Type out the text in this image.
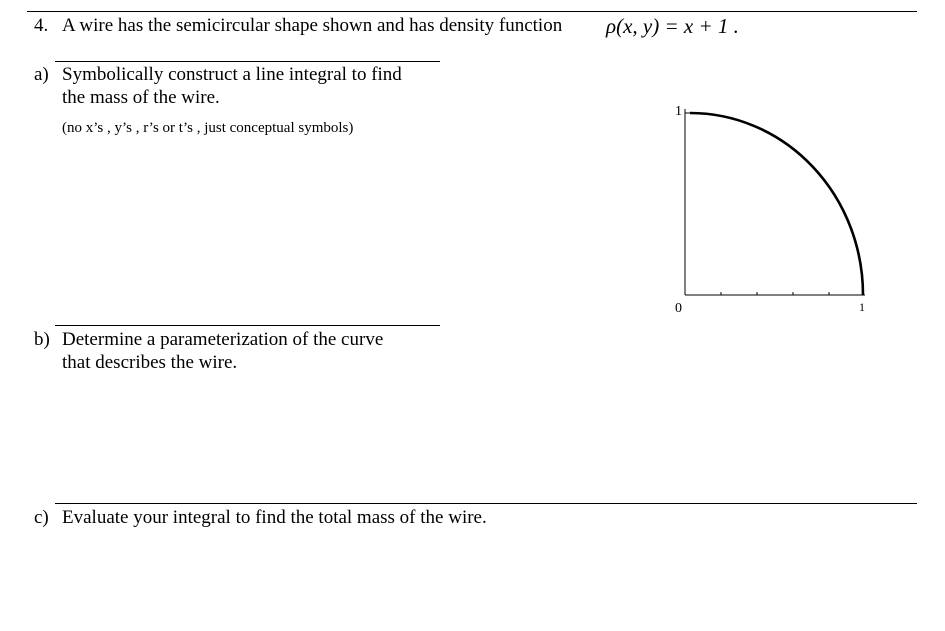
4. A wire has the semicircular shape shown and has density function ρ(x, y) = x + 1 .
a) Symbolically construct a line integral to find
the mass of the wire.
(no x’s , y’s , r’s or t’s , just conceptual symbols)
b) Determine a parameterization of the curve
that describes the wire.
c) Evaluate your integral to find the total mass of the wire.
1
0	1
